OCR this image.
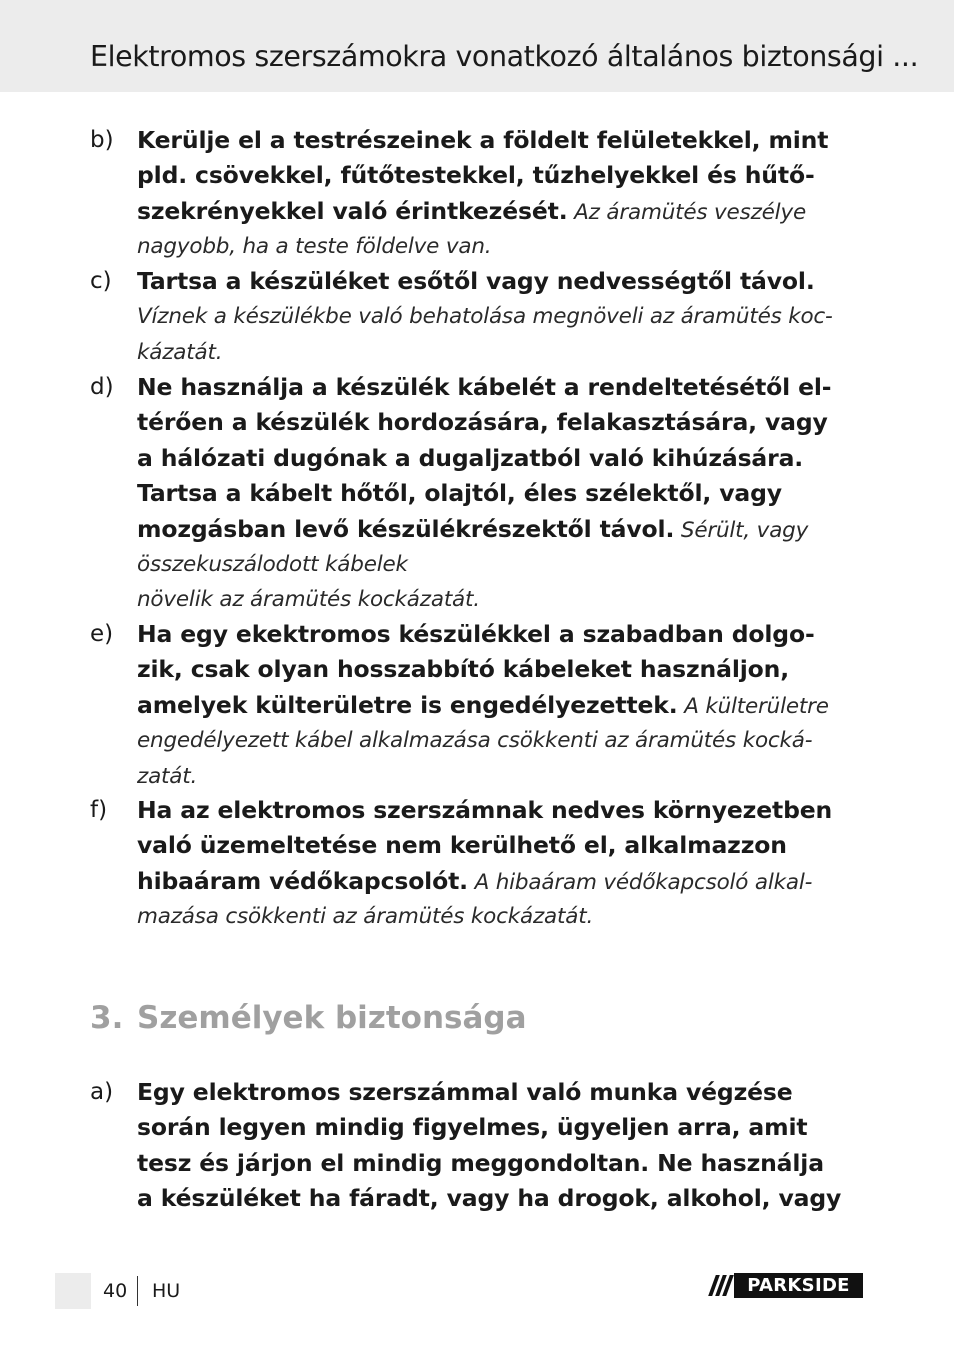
Elektromos szerszámokra vonatkozó általános biztonsági ...
b) Kerülje el a testrészeinek a földelt felületekkel, mint
pld. csövekkel, fűtőtestekkel, tűzhelyekkel és hűtő-
szekrényekkel való érintkezését. Az áramütés veszélye
nagyobb, ha a teste földelve van.
c) Tartsa a készüléket esőtől vagy nedvességtől távol.
Víznek a készülékbe való behatolása megnöveli az áramütés koc-
kázatát.
d) Ne használja a készülék kábelét a rendeltetésétől el-
térően a készülék hordozására, felakasztására, vagy
a hálózati dugónak a dugaljzatból való kihúzására.
Tartsa a kábelt hőtől, olajtól, éles szélektől, vagy
mozgásban levő készülékrészektől távol. Sérült, vagy
összekuszálodott kábelek
növelik az áramütés kockázatát.
e) Ha egy ekektromos készülékkel a szabadban dolgo-
zik, csak olyan hosszabbító kábeleket használjon,
amelyek külterületre is engedélyezettek. A külterületre
engedélyezett kábel alkalmazása csökkenti az áramütés kocká-
zatát.
f) Ha az elektromos szerszámnak nedves környezetben
való üzemeltetése nem kerülhető el, alkalmazzon
hibaáram védőkapcsolót. A hibaáram védőkapcsoló alkal-
mazása csökkenti az áramütés kockázatát.
a) Egy elektromos szerszámmal való munka végzése
során legyen mindig figyelmes, ügyeljen arra, amit
tesz és járjon el mindig meggondoltan. Ne használja
a készüléket ha fáradt, vagy ha drogok, alkohol, vagy
3. Személyek biztonsága
40 HU	PARKSIDE
